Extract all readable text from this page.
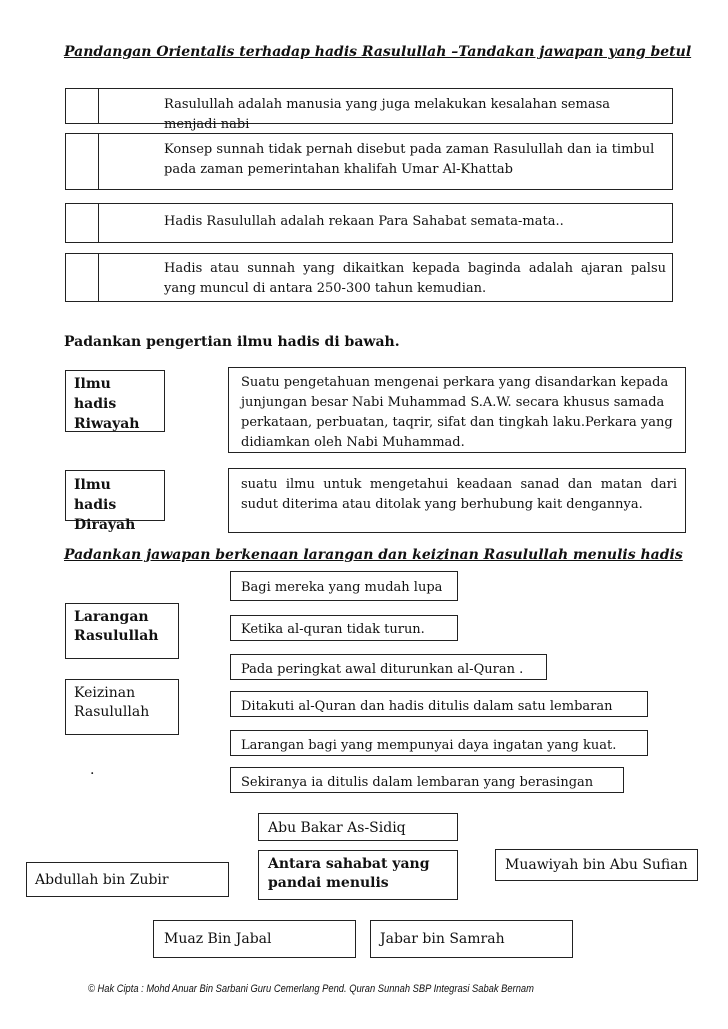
Pandangan Orientalis terhadap hadis Rasulullah –Tandakan jawapan yang betul
Rasulullah adalah manusia yang juga melakukan kesalahan semasa menjadi nabi
Konsep sunnah tidak pernah disebut pada zaman Rasulullah dan ia timbul pada zaman pemerintahan khalifah Umar Al-Khattab
Hadis Rasulullah adalah rekaan Para Sahabat semata-mata..
Hadis atau sunnah yang dikaitkan kepada baginda adalah ajaran palsu yang muncul di antara 250-300 tahun kemudian.
Padankan pengertian ilmu hadis di bawah.
Ilmu hadis Riwayah
Suatu pengetahuan mengenai perkara yang disandarkan kepada junjungan besar Nabi Muhammad S.A.W. secara khusus samada perkataan, perbuatan, taqrir, sifat dan tingkah laku.Perkara yang didiamkan oleh Nabi Muhammad.
Ilmu hadis Dirayah
suatu ilmu untuk mengetahui keadaan sanad dan matan dari sudut diterima atau ditolak yang berhubung kait dengannya.
Padankan jawapan berkenaan larangan dan keizinan Rasulullah menulis hadis
Larangan Rasulullah
Keizinan Rasulullah
.
Bagi mereka yang mudah lupa
Ketika al-quran tidak turun.
Pada peringkat awal diturunkan al-Quran .
Ditakuti al-Quran dan hadis ditulis dalam satu lembaran
Larangan bagi yang mempunyai daya ingatan yang kuat.
Sekiranya ia ditulis dalam lembaran yang berasingan
Abu Bakar As-Sidiq
Antara sahabat yang pandai menulis
Abdullah bin Zubir
Muawiyah bin Abu Sufian
Muaz Bin Jabal	Jabar bin Samrah
© Hak Cipta : Mohd Anuar Bin Sarbani Guru Cemerlang Pend. Quran Sunnah SBP Integrasi Sabak Bernam
